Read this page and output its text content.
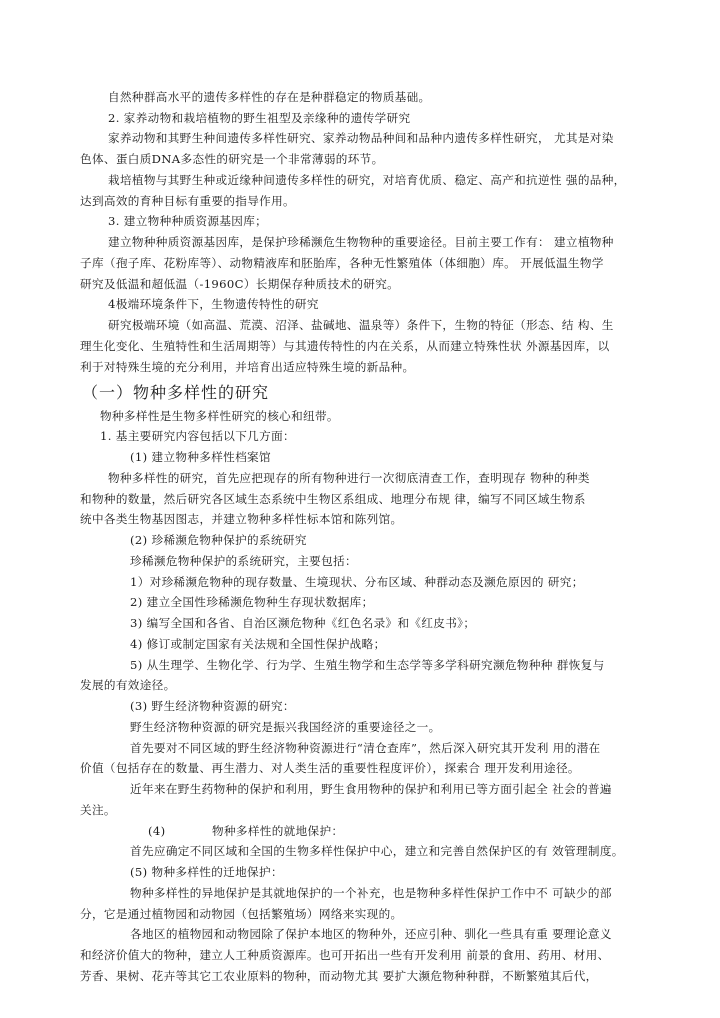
自然种群高水平的遗传多样性的存在是种群稳定的物质基础。

2. 家养动物和栽培植物的野生祖型及亲缘种的遗传学研究

家养动物和其野生种间遗传多样性研究、家养动物品种间和品种内遗传多样性研究， 尤其是对染

色体、蛋白质DNA多态性的研究是一个非常薄弱的环节。

栽培植物与其野生种或近缘种间遗传多样性的研究，对培育优质、稳定、高产和抗逆性 强的品种，

达到高效的育种目标有重要的指导作用。

3. 建立物种种质资源基因库；

建立物种种质资源基因库，是保护珍稀濒危生物物种的重要途径。目前主要工作有： 建立植物种

子库（孢子库、花粉库等）、动物精液库和胚胎库，各种无性繁殖体（体细胞）库。 开展低温生物学

研究及低温和超低温（-1960C）长期保存种质技术的研究。

4极端环境条件下，生物遗传特性的研究

研究极端环境（如高温、荒漠、沼泽、盐碱地、温泉等）条件下，生物的特征（形态、结 构、生

理生化变化、生殖特性和生活周期等）与其遗传特性的内在关系，从而建立特殊性状 外源基因库，以

利于对特殊生境的充分利用，并培育出适应特殊生境的新品种。

（一）物种多样性的研究

物种多样性是生物多样性研究的核心和纽带。

1. 基主要研究内容包括以下几方面：

(1) 建立物种多样性档案馆

物种多样性的研究，首先应把现存的所有物种进行一次彻底清查工作，查明现存 物种的种类

和物种的数量，然后研究各区域生态系统中生物区系组成、地理分布规 律，编写不同区域生物系

统中各类生物基因图志，并建立物种多样性标本馆和陈列馆。

(2) 珍稀濒危物种保护的系统研究

珍稀濒危物种保护的系统研究，主要包括：

1）对珍稀濒危物种的现存数量、生境现状、分布区域、种群动态及濒危原因的 研究；

2) 建立全国性珍稀濒危物种生存现状数据库；

3) 编写全国和各省、自治区濒危物种《红色名录》和《红皮书》；

4) 修订或制定国家有关法规和全国性保护战略；

5) 从生理学、生物化学、行为学、生殖生物学和生态学等多学科研究濒危物种种 群恢复与

发展的有效途径。

(3) 野生经济物种资源的研究：

野生经济物种资源的研究是振兴我国经济的重要途径之一。

首先要对不同区域的野生经济物种资源进行“清仓查库”，然后深入研究其开发利 用的潜在

价值（包括存在的数量、再生潜力、对人类生活的重要性程度评价），探索合 理开发利用途径。

近年来在野生药物种的保护和利用，野生食用物种的保护和利用已等方面引起全 社会的普遍

关注。

(4)	物种多样性的就地保护：

首先应确定不同区域和全国的生物多样性保护中心，建立和完善自然保护区的有 效管理制度。

(5) 物种多样性的迁地保护：

物种多样性的异地保护是其就地保护的一个补充，也是物种多样性保护工作中不 可缺少的部

分，它是通过植物园和动物园（包括繁殖场）网络来实现的。

各地区的植物园和动物园除了保护本地区的物种外，还应引种、驯化一些具有重 要理论意义

和经济价值大的物种，建立人工种质资源库。也可开拓出一些有开发利用 前景的食用、药用、材用、

芳香、果树、花卉等其它工农业原料的物种，而动物尤其 要扩大濒危物种种群，不断繁殖其后代，
